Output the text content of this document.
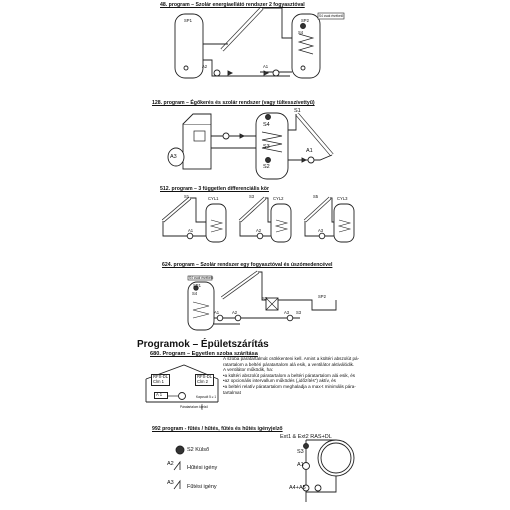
48. program – Szolár energiaellátó rendszer 2 fogyasztóval
SP1	SP2
S4 csak érzékelő
S4
A2	A1
128. program – Égőkerés és szolár rendszer (vagy tültesszívettyű)
S1
S4
S3
S2
A1
A3
512. program – 3 független differenciális kör
S1	S3	S5
CYL1	CYL2	CYL3
A1	A2	A3
624. program – Szolár rendszer egy fogyasztóval és úszómedencével
S4 csak érzékelő
SP1
S4
SP2
A1	A2	A3
S2
S3
Programok – Épületszárítás
680. Program – Egyetlen szoba szárítása
A szoba páratartalmát csökkenteni kell. Amint a kültéri abszolút pá-
ratartalom a beltéri páratartalom alá esik, a ventilátor aktiválódik.
A ventilátor működik, ha:
•a kültéri abszolút páratartalom a beltéri páratartalom alá esik, és
•az opcionális intervallum működés („időzítés") aktív, és
•a beltéri relatív páratartalom meghaladja a max-t minimális pára-
tartalmat
RFS-DL
Clm 1
RFS-DL
Clm 2
A 1	Kapcsolt 5 ≥ 1
Páratartalom kijelző
992 program - fűtés / hűtés, fűtés és hűtés igényjelző
S2 Külső
A2
Hűtési igény
A3
Fűtési igény
Ext1 & Ext2 RAS+DL
S3
A1
A4+A5
